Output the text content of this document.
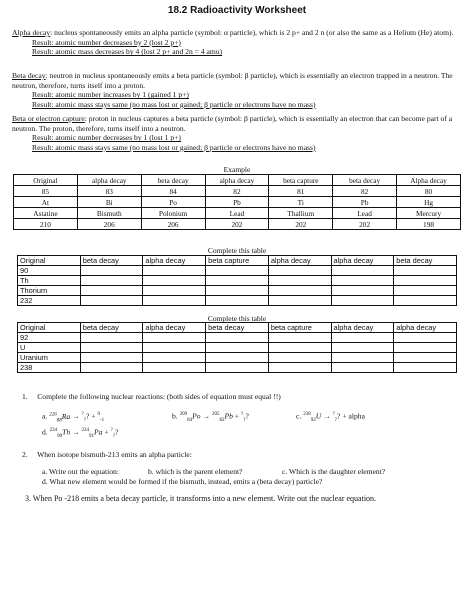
18.2 Radioactivity Worksheet
Alpha decay: nucleus spontaneously emits an alpha particle (symbol: α particle), which is 2 p+ and 2 n (or also the same as a Helium (He) atom).
Result: atomic number decreases by 2 (lost 2 p+)
Result: atomic mass decreases by 4 (lost 2 p+ and 2n = 4 amu)
Beta decay: neutron in nucleus spontaneously emits a beta particle (symbol: β particle), which is essentially an electron trapped in a neutron. The neutron, therefore, turns itself into a proton.
Result: atomic number increases by 1 (gained 1 p+)
Result: atomic mass stays same (no mass lost or gained; β particle or electrons have no mass)
Beta or electron capture: proton in nucleus captures a beta particle (symbol: β particle), which is essentially an electron that can become part of a neutron. The proton, therefore, turns itself into a neutron.
Result: atomic number decreases by 1 (lost 1 p+)
Result: atomic mass stays same (no mass lost or gained; β particle or electrons have no mass)
Example
Original	alpha decay	beta decay	alpha decay	beta capture	beta decay	Alpha decay
85	83	84	82	81	82	80
At	Bi	Po	Pb	Ti	Pb	Hg
Astatine	Bismuth	Polonium	Lead	Thallium	Lead	Mercury
210	206	206	202	202	202	198
Complete this table
Original	beta decay	alpha decay	beta capture	alpha decay	alpha decay	beta decay
90						
Th						
Thorium						
232						
Complete this table
Original	beta decay	alpha decay	beta decay	beta capture	alpha decay	alpha decay
92						
U						
Uranium						
238						
1. Complete the following nuclear reactions: (both sides of equation must equal !!)
a. $^{226}_{88}$Ra → ?$_?$? + $^0_{-1}$
b. $^{209}_{84}$Po → $^{205}_{82}$Pb + ?$_?$?	c. $^{238}_{92}$U → ?$_?$? + alpha
d. $^{234}_{90}$Th → $^{234}_{91}$Pa + ?$_?$?
2. When isotope bismuth-213 emits an alpha particle:
a. Write out the equation:	b. which is the parent element?	c. Which is the daughter element?
d. What new element would be formed if the bismuth, instead, emits a (beta decay) particle?
3. When Po -218 emits a beta decay particle, it transforms into a new element. Write out the nuclear equation.
